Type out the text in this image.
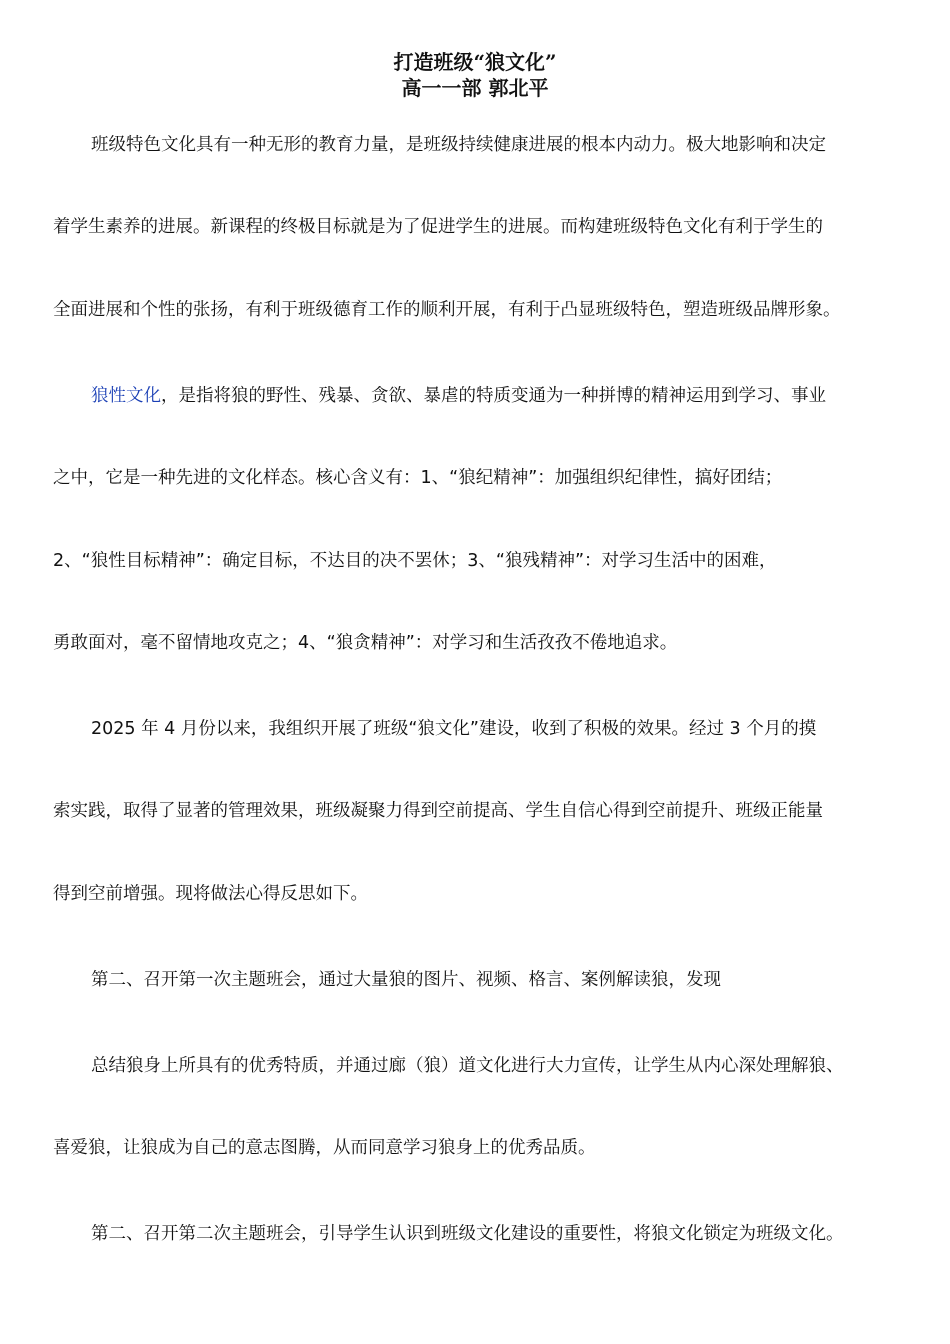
打造班级“狼文化”
高一一部 郭北平
班级特色文化具有一种无形的教育力量，是班级持续健康进展的根本内动力。极大地影响和决定
着学生素养的进展。新课程的终极目标就是为了促进学生的进展。而构建班级特色文化有利于学生的
全面进展和个性的张扬，有利于班级德育工作的顺利开展，有利于凸显班级特色，塑造班级品牌形象。
狼性文化，是指将狼的野性、残暴、贪欲、暴虐的特质变通为一种拼博的精神运用到学习、事业
之中，它是一种先进的文化样态。核心含义有：1、“狼纪精神”：加强组织纪律性，搞好团结；
2、“狼性目标精神”：确定目标，不达目的决不罢休；3、“狼残精神”：对学习生活中的困难，
勇敢面对，毫不留情地攻克之；4、“狼贪精神”：对学习和生活孜孜不倦地追求。
2025 年 4 月份以来，我组织开展了班级“狼文化”建设，收到了积极的效果。经过 3 个月的摸
索实践，取得了显著的管理效果，班级凝聚力得到空前提高、学生自信心得到空前提升、班级正能量
得到空前增强。现将做法心得反思如下。
第二、召开第一次主题班会，通过大量狼的图片、视频、格言、案例解读狼，发现
总结狼身上所具有的优秀特质，并通过廊（狼）道文化进行大力宣传，让学生从内心深处理解狼、
喜爱狼，让狼成为自己的意志图腾，从而同意学习狼身上的优秀品质。
第二、召开第二次主题班会，引导学生认识到班级文化建设的重要性，将狼文化锁定为班级文化。
